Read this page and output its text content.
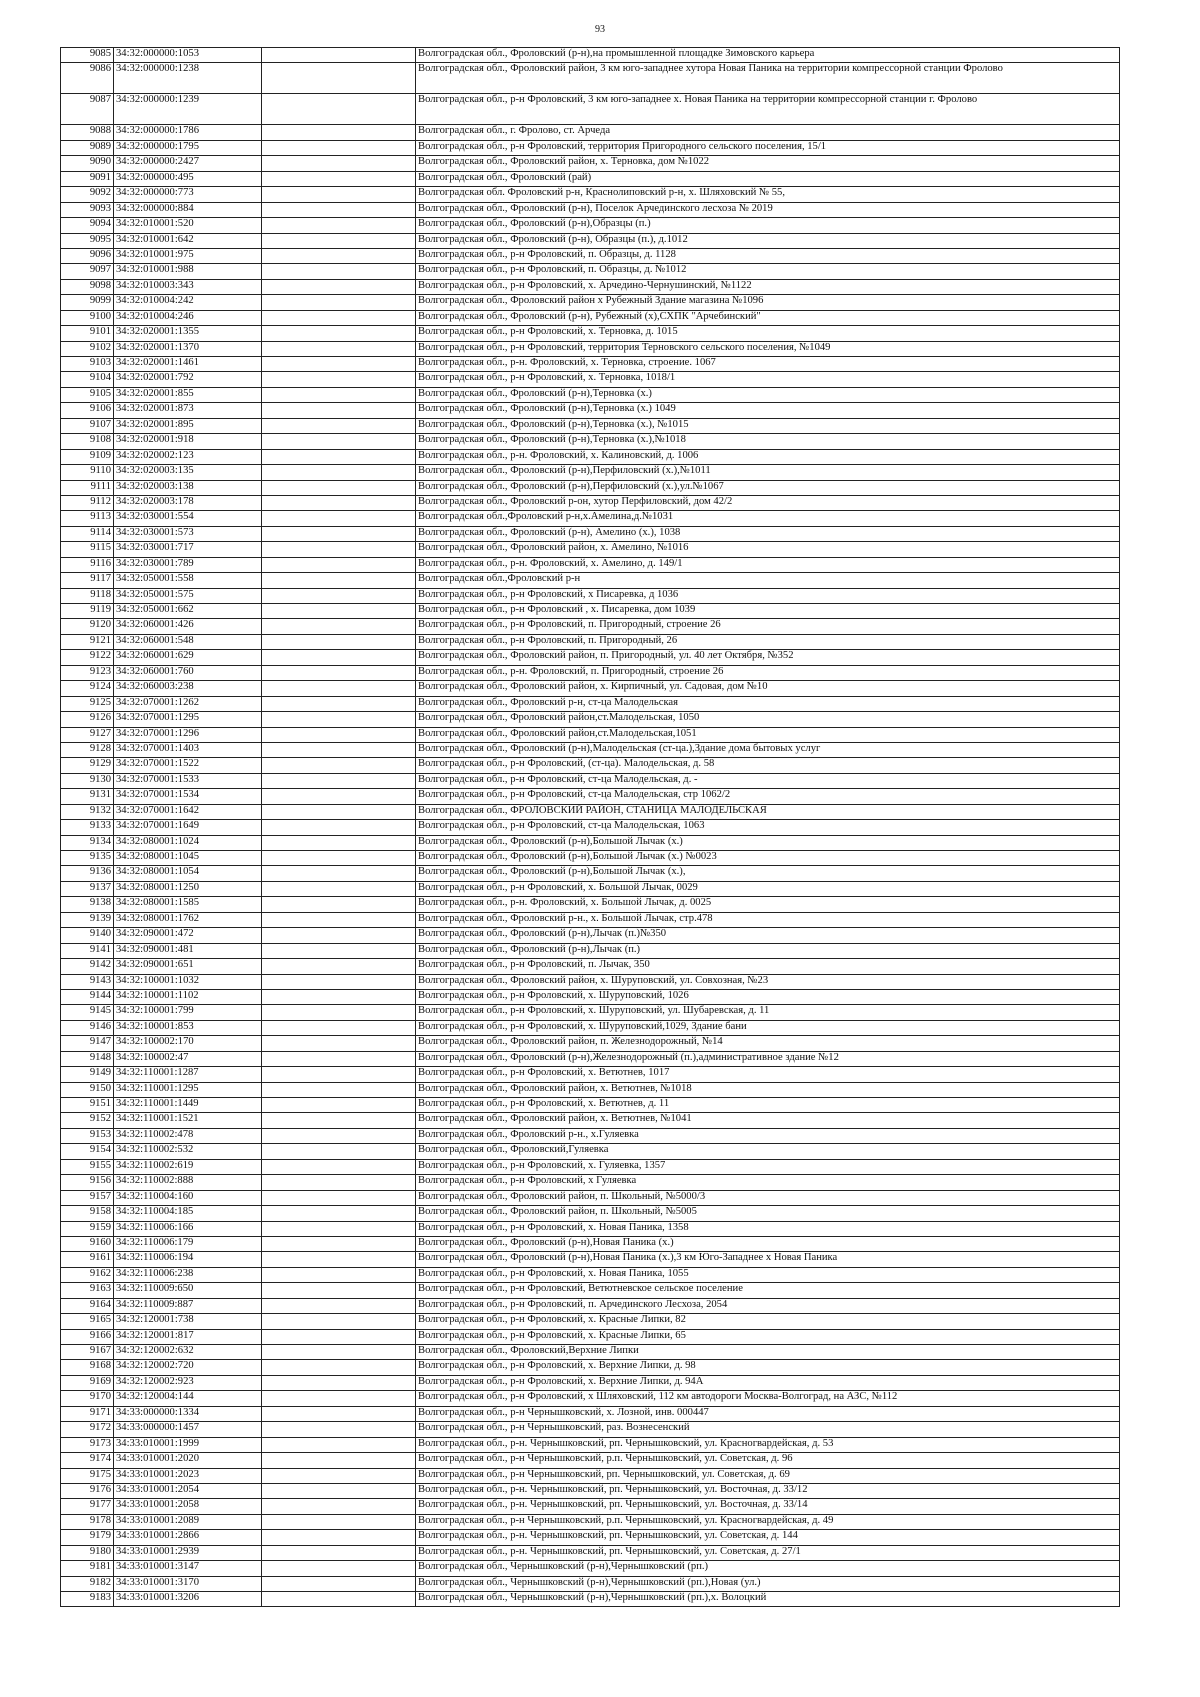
93
9085	34:32:000000:1053		Волгоградская обл., Фроловский (р-н),на промышленной площадке Зимовского карьера
9086	34:32:000000:1238		Волгоградская обл., Фроловский район, 3 км юго-западнее хутора Новая Паника на территории компрессорной станции Фролово
9087	34:32:000000:1239		Волгоградская обл., р-н Фроловский, 3 км юго-западнее х. Новая Паника на территории компрессорной станции г. Фролово
9088	34:32:000000:1786		Волгоградская обл., г. Фролово, ст. Арчеда
9089	34:32:000000:1795		Волгоградская обл., р-н Фроловский, территория Пригородного сельского поселения, 15/1
9090	34:32:000000:2427		Волгоградская обл., Фроловский район, х. Терновка, дом №1022
9091	34:32:000000:495		Волгоградская обл., Фроловский (рай)
9092	34:32:000000:773		Волгоградская обл. Фроловский р-н, Краснолиповский р-н, х. Шляховский № 55,
9093	34:32:000000:884		Волгоградская обл., Фроловский (р-н), Поселок Арчединского лесхоза № 2019
9094	34:32:010001:520		Волгоградская обл., Фроловский (р-н),Образцы (п.)
9095	34:32:010001:642		Волгоградская обл., Фроловский (р-н), Образцы (п.), д.1012
9096	34:32:010001:975		Волгоградская обл., р-н Фроловский, п. Образцы, д. 1128
9097	34:32:010001:988		Волгоградская обл., р-н Фроловский, п. Образцы, д. №1012
9098	34:32:010003:343		Волгоградская обл., р-н Фроловский, х. Арчедино-Чернушинский, №1122
9099	34:32:010004:242		Волгоградская обл., Фроловский район х Рубежный Здание магазина №1096
9100	34:32:010004:246		Волгоградская обл., Фроловский (р-н), Рубежный (х),СХПК "Арчебинский"
9101	34:32:020001:1355		Волгоградская обл., р-н Фроловский, х. Терновка, д. 1015
9102	34:32:020001:1370		Волгоградская обл., р-н Фроловский, территория Терновского сельского поселения, №1049
9103	34:32:020001:1461		Волгоградская обл., р-н. Фроловский, х. Терновка, строение. 1067
9104	34:32:020001:792		Волгоградская обл., р-н Фроловский, х. Терновка, 1018/1
9105	34:32:020001:855		Волгоградская обл., Фроловский (р-н),Терновка (х.)
9106	34:32:020001:873		Волгоградская обл., Фроловский (р-н),Терновка (х.) 1049
9107	34:32:020001:895		Волгоградская обл., Фроловский (р-н),Терновка (х.), №1015
9108	34:32:020001:918		Волгоградская обл., Фроловский (р-н),Терновка (х.),№1018
9109	34:32:020002:123		Волгоградская обл., р-н. Фроловский, х. Калиновский, д. 1006
9110	34:32:020003:135		Волгоградская обл., Фроловский (р-н),Перфиловский (х.),№1011
9111	34:32:020003:138		Волгоградская обл., Фроловский (р-н),Перфиловский (х.),ул.№1067
9112	34:32:020003:178		Волгоградская обл., Фроловский р-он, хутор Перфиловский, дом 42/2
9113	34:32:030001:554		Волгоградская обл.,Фроловский р-н,х.Амелина,д.№1031
9114	34:32:030001:573		Волгоградская обл., Фроловский (р-н), Амелино (х.), 1038
9115	34:32:030001:717		Волгоградская обл., Фроловский район, х. Амелино, №1016
9116	34:32:030001:789		Волгоградская обл., р-н. Фроловский, х. Амелино, д. 149/1
9117	34:32:050001:558		Волгоградская обл.,Фроловский р-н
9118	34:32:050001:575		Волгоградская обл., р-н Фроловский, х Писаревка, д 1036
9119	34:32:050001:662		Волгоградская обл., р-н Фроловский , х. Писаревка, дом 1039
9120	34:32:060001:426		Волгоградская обл., р-н Фроловский, п. Пригородный, строение 26
9121	34:32:060001:548		Волгоградская обл., р-н Фроловский, п. Пригородный, 26
9122	34:32:060001:629		Волгоградская обл., Фроловский район, п. Пригородный, ул. 40 лет Октября, №352
9123	34:32:060001:760		Волгоградская обл., р-н. Фроловский, п. Пригородный, строение 26
9124	34:32:060003:238		Волгоградская обл., Фроловский район, х. Кирпичный, ул. Садовая, дом №10
9125	34:32:070001:1262		Волгоградская обл., Фроловский р-н, ст-ца Малодельская
9126	34:32:070001:1295		Волгоградская обл., Фроловский район,ст.Малодельская, 1050
9127	34:32:070001:1296		Волгоградская обл., Фроловский район,ст.Малодельская,1051
9128	34:32:070001:1403		Волгоградская обл., Фроловский (р-н),Малодельская (ст-ца.),Здание дома бытовых услуг
9129	34:32:070001:1522		Волгоградская обл., р-н Фроловский, (ст-ца). Малодельская, д. 58
9130	34:32:070001:1533		Волгоградская обл., р-н Фроловский, ст-ца Малодельская, д. -
9131	34:32:070001:1534		Волгоградская обл., р-н Фроловский, ст-ца Малодельская, стр 1062/2
9132	34:32:070001:1642		Волгоградская обл., ФРОЛОВСКИЙ РАЙОН, СТАНИЦА МАЛОДЕЛЬСКАЯ
9133	34:32:070001:1649		Волгоградская обл., р-н Фроловский, ст-ца Малодельская, 1063
9134	34:32:080001:1024		Волгоградская обл., Фроловский (р-н),Большой Лычак (х.)
9135	34:32:080001:1045		Волгоградская обл., Фроловский (р-н),Большой Лычак (х.) №0023
9136	34:32:080001:1054		Волгоградская обл., Фроловский (р-н),Большой Лычак (х.),
9137	34:32:080001:1250		Волгоградская обл., р-н Фроловский, х. Большой Лычак, 0029
9138	34:32:080001:1585		Волгоградская обл., р-н. Фроловский, х. Большой Лычак, д. 0025
9139	34:32:080001:1762		Волгоградская обл., Фроловский р-н., х. Большой Лычак, стр.478
9140	34:32:090001:472		Волгоградская обл., Фроловский (р-н),Лычак (п.)№350
9141	34:32:090001:481		Волгоградская обл., Фроловский (р-н),Лычак (п.)
9142	34:32:090001:651		Волгоградская обл., р-н Фроловский, п. Лычак, 350
9143	34:32:100001:1032		Волгоградская обл., Фроловский район, х. Шуруповский, ул. Совхозная, №23
9144	34:32:100001:1102		Волгоградская обл., р-н Фроловский, х. Шуруповский, 1026
9145	34:32:100001:799		Волгоградская обл., р-н Фроловский, х. Шуруповский, ул. Шубаревская, д. 11
9146	34:32:100001:853		Волгоградская обл., р-н Фроловский, х. Шуруповский,1029, Здание бани
9147	34:32:100002:170		Волгоградская обл., Фроловский район, п. Железнодорожный, №14
9148	34:32:100002:47		Волгоградская обл., Фроловский (р-н),Железнодорожный (п.),административное здание №12
9149	34:32:110001:1287		Волгоградская обл., р-н Фроловский, х. Ветютнев, 1017
9150	34:32:110001:1295		Волгоградская обл., Фроловский район, х. Ветютнев, №1018
9151	34:32:110001:1449		Волгоградская обл., р-н Фроловский, х. Ветютнев, д. 11
9152	34:32:110001:1521		Волгоградская обл., Фроловский район, х. Ветютнев, №1041
9153	34:32:110002:478		Волгоградская обл., Фроловский р-н., х.Гуляевка
9154	34:32:110002:532		Волгоградская обл., Фроловский,Гуляевка
9155	34:32:110002:619		Волгоградская обл., р-н Фроловский, х. Гуляевка, 1357
9156	34:32:110002:888		Волгоградская обл., р-н Фроловский, х Гуляевка
9157	34:32:110004:160		Волгоградская обл., Фроловский район, п. Школьный, №5000/3
9158	34:32:110004:185		Волгоградская обл., Фроловский район, п. Школьный, №5005
9159	34:32:110006:166		Волгоградская обл., р-н Фроловский, х. Новая Паника, 1358
9160	34:32:110006:179		Волгоградская обл., Фроловский (р-н),Новая Паника (х.)
9161	34:32:110006:194		Волгоградская обл., Фроловский (р-н),Новая Паника (х.),3 км Юго-Западнее х Новая Паника
9162	34:32:110006:238		Волгоградская обл., р-н Фроловский, х. Новая Паника, 1055
9163	34:32:110009:650		Волгоградская обл., р-н Фроловский, Ветютневское сельское поселение
9164	34:32:110009:887		Волгоградская обл., р-н Фроловский, п. Арчединского Лесхоза, 2054
9165	34:32:120001:738		Волгоградская обл., р-н Фроловский, х. Красные Липки, 82
9166	34:32:120001:817		Волгоградская обл., р-н Фроловский, х. Красные Липки, 65
9167	34:32:120002:632		Волгоградская обл., Фроловский,Верхние Липки
9168	34:32:120002:720		Волгоградская обл., р-н Фроловский, х. Верхние Липки, д. 98
9169	34:32:120002:923		Волгоградская обл., р-н Фроловский, х. Верхние Липки, д. 94А
9170	34:32:120004:144		Волгоградская обл., р-н Фроловский, х Шляховский, 112 км автодороги Москва-Волгоград, на АЗС, №112
9171	34:33:000000:1334		Волгоградская обл., р-н Чернышковский, х. Лозной, инв. 000447
9172	34:33:000000:1457		Волгоградская обл., р-н Чернышковский, раз. Вознесенский
9173	34:33:010001:1999		Волгоградская обл., р-н. Чернышковский, рп. Чернышковский, ул. Красногвардейская, д. 53
9174	34:33:010001:2020		Волгоградская обл., р-н Чернышковский, р.п. Чернышковский, ул. Советская, д. 96
9175	34:33:010001:2023		Волгоградская обл., р-н Чернышковский, рп. Чернышковский, ул. Советская, д. 69
9176	34:33:010001:2054		Волгоградская обл., р-н. Чернышковский, рп. Чернышковский, ул. Восточная, д. 33/12
9177	34:33:010001:2058		Волгоградская обл., р-н. Чернышковский, рп. Чернышковский, ул. Восточная, д. 33/14
9178	34:33:010001:2089		Волгоградская обл., р-н Чернышковский, р.п. Чернышковский, ул. Красногвардейская, д. 49
9179	34:33:010001:2866		Волгоградская обл., р-н. Чернышковский, рп. Чернышковский, ул. Советская, д. 144
9180	34:33:010001:2939		Волгоградская обл., р-н. Чернышковский, рп. Чернышковский, ул. Советская, д. 27/1
9181	34:33:010001:3147		Волгоградская обл., Чернышковский (р-н),Чернышковский (рп.)
9182	34:33:010001:3170		Волгоградская обл., Чернышковский (р-н),Чернышковский (рп.),Новая (ул.)
9183	34:33:010001:3206		Волгоградская обл., Чернышковский (р-н),Чернышковский (рп.),х. Волоцкий
